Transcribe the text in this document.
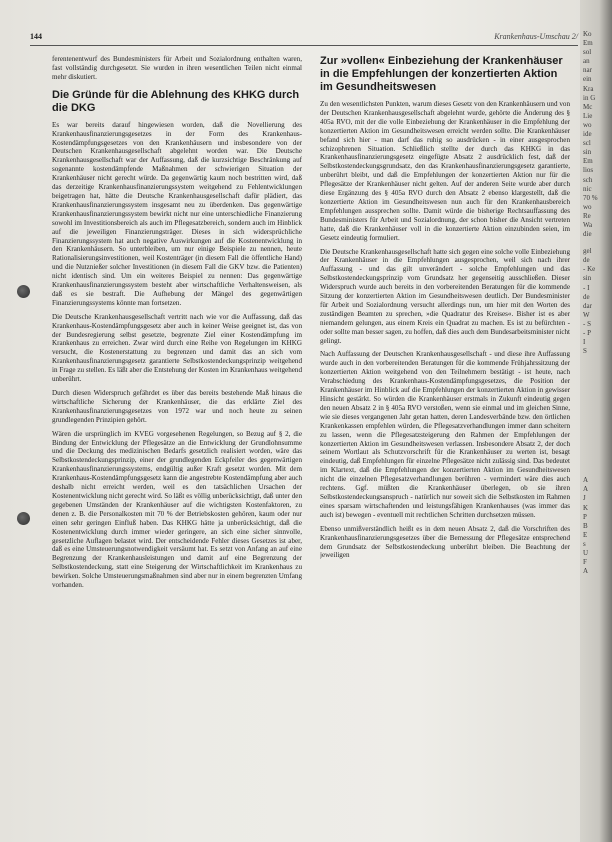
144	Krankenhaus-Umschau 2/

ferentenentwurf des Bundesministers für Arbeit und Sozialordnung enthalten waren, fast vollständig durchgesetzt. Sie wurden in ihren wesentlichen Teilen nicht einmal mehr diskutiert.

Die Gründe für die Ablehnung des KHKG durch die DKG

Es war bereits darauf hingewiesen worden, daß die Novellierung des Krankenhausfinanzierungsgesetzes in der Form des Krankenhaus-Kostendämpfungsgesetzes von den Krankenhäusern und insbesondere von der Deutschen Krankenhausgesellschaft abgelehnt worden war. Die Deutsche Krankenhausgesellschaft war der Auffassung, daß die kurzsichtige Beschränkung auf sogenannte kostendämpfende Maßnahmen der schwierigen Situation der Krankenhäuser nicht gerecht würde. Da gegenwärtig kaum noch bestritten wird, daß das derzeitige Krankenhausfinanzierungssystem weitgehend zu Fehlentwicklungen beigetragen hat, hätte die Deutsche Krankenhausgesellschaft dafür plädiert, das Krankenhausfinanzierungssystem insgesamt neu zu überdenken. Das gegenwärtige Krankenhausfinanzierungssystem bewirkt nicht nur eine unterschiedliche Finanzierung sowohl im Investitionsbereich als auch im Pflegesatzbereich, sondern auch im Hinblick auf die jeweiligen Finanzierungsträger. Dieses in sich widersprüchliche Finanzierungssystem hat auch negative Auswirkungen auf die Kostenentwicklung in den Krankenhäusern. So unterbleiben, um nur einige Beispiele zu nennen, heute Rationalisierungsinvestitionen, weil Kostenträger (in diesem Fall die öffentliche Hand) und die Nutznießer solcher Investitionen (in diesem Fall die GKV bzw. die Patienten) nicht identisch sind. Um ein weiteres Beispiel zu nennen: Das gegenwärtige Krankenhausfinanzierungssystem besteht aber wirtschaftliche Verhaltensweisen, als daß es sie bestraft. Die Aufhebung der Mängel des gegenwärtigen Finanzierungssystems könnte man fortsetzen.

Die Deutsche Krankenhausgesellschaft vertritt nach wie vor die Auffassung, daß das Krankenhaus-Kostendämpfungsgesetz aber auch in keiner Weise geeignet ist, das von der Bundesregierung selbst gesetzte, begrenzte Ziel einer Kostendämpfung im Krankenhaus zu erreichen. Zwar wird durch eine Reihe von Regelungen im KHKG versucht, die Kostenerstattung zu begrenzen und damit das an sich vom Krankenhausfinanzierungsgesetz garantierte Selbstkostendeckungsprinzip weitgehend in Frage zu stellen. Es läßt aber die Entstehung der Kosten im Krankenhaus weitgehend unberührt.

Durch diesen Widerspruch gefährdet es über das bereits bestehende Maß hinaus die wirtschaftliche Sicherung der Krankenhäuser, die das erklärte Ziel des Krankenhausfinanzierungsgesetzes von 1972 war und noch heute zu seinen grundlegenden Prinzipien gehört.

Wären die ursprünglich im KVEG vorgesehenen Regelungen, so Bezug auf § 2, die Bindung der Entwicklung der Pflegesätze an die Entwicklung der Grundlohnsumme und die Deckung des medizinischen Bedarfs gesetzlich realisiert worden, wäre das Selbstkostendeckungsprinzip, einer der grundlegenden Eckpfeiler des gegenwärtigen Krankenhausfinanzierungssystems, endgültig außer Kraft gesetzt worden. Mit dem Krankenhaus-Kostendämpfungsgesetz kann die angestrebte Kostendämpfung aber auch deshalb nicht erreicht werden, weil es den tatsächlichen Ursachen der Kostenentwicklung nicht gerecht wird. So läßt es völlig unberücksichtigt, daß unter den gegebenen Umständen der Krankenhäuser auf die wichtigsten Kostenfaktoren, zu denen z. B. die Personalkosten mit 70 % der Betriebskosten gehören, kaum oder nur einen sehr geringen Einfluß haben. Das KHKG hätte ja unberücksichtigt, daß die Kostenentwicklung durch immer wieder geringere, an sich eine sicher sinnvolle, gesetzliche Auflagen belastet wird. Der entscheidende Fehler dieses Gesetzes ist aber, daß es eine Umsteuerungsnotwendigkeit versäumt hat. Es setzt von Anfang an auf eine Begrenzung der Krankenhausleistungen und damit auf eine Begrenzung der Selbstkostendeckung, statt eine Steigerung der Wirtschaftlichkeit im Krankenhaus zu bewirken. Solche Umsteuerungsmaßnahmen sind aber nur in einem begrenzten Umfang vorhanden.

Zur »vollen« Einbeziehung der Krankenhäuser in die Empfehlungen der konzertierten Aktion im Gesundheitswesen

Zu den wesentlichsten Punkten, warum dieses Gesetz von den Krankenhäusern und von der Deutschen Krankenhausgesellschaft abgelehnt wurde, gehörte die Änderung des § 405a RVO, mit der die volle Einbeziehung der Krankenhäuser in die Empfehlung der konzertierten Aktion im Gesundheitswesen erreicht werden sollte. Die Krankenhäuser befand sich hier - man darf das ruhig so ausdrücken - in einer ausgesprochen schizophrenen Situation. Schließlich stellte der durch das KHKG in das Krankenhausfinanzierungsgesetz eingefügte Absatz 2 ausdrücklich fest, daß der Selbstkostendeckungsgrundsatz, den das Krankenhausfinanzierungsgesetz garantierte, unberührt bleibt, und daß die Empfehlungen der konzertierten Aktion nur für die Pflegesätze der Krankenhäuser nicht gelten. Auf der anderen Seite wurde aber durch diese Ergänzung des § 405a RVO durch den Absatz 2 ebenso klargestellt, daß die konzertierte Aktion im Gesundheitswesen nun auch für den Krankenhausbereich Empfehlungen aussprechen sollte. Damit würde die bisherige Rechtsauffassung des Bundesministers für Arbeit und Sozialordnung, der schon bisher die Ansicht vertreten hatte, daß die Krankenhäuser voll in die konzertierte Aktion einzubinden seien, im Gesetz eindeutig formuliert.

Die Deutsche Krankenhausgesellschaft hatte sich gegen eine solche volle Einbeziehung der Krankenhäuser in die Empfehlungen ausgesprochen, weil sich nach ihrer Auffassung - und das gilt unverändert - solche Empfehlungen und das Selbstkostendeckungsprinzip vom Grundsatz her gegenseitig ausschließen. Dieser Widerspruch wurde auch bereits in den vorbereitenden Beratungen für die kommende Sitzung der konzertierten Aktion im Gesundheitswesen deutlich. Der Bundesminister für Arbeit und Sozialordnung versucht allerdings nun, um hier mit den Worten des zuständigen Beamten zu sprechen, »die Quadratur des Kreises«. Bisher ist es aber niemandem gelungen, aus einem Kreis ein Quadrat zu machen. Es ist zu befürchten - oder sollte man besser sagen, zu hoffen, daß dies auch dem Bundesarbeitsminister nicht gelingt.

Nach Auffassung der Deutschen Krankenhausgesellschaft - und diese ihre Auffassung wurde auch in den vorbereitenden Beratungen für die kommende Frühjahrssitzung der konzertierten Aktion weitgehend von den Teilnehmern bestätigt - ist heute, nach Verabschiedung des Krankenhaus-Kostendämpfungsgesetzes, die Position der Krankenhäuser im Hinblick auf die Empfehlungen der konzertierten Aktion in gewisser Hinsicht gestärkt. So würden die Krankenhäuser erstmals in Zukunft eindeutig gegen den neuen Absatz 2 in § 405a RVO verstoßen, wenn sie einmal und im gleichen Sinne, wie sie dieses vergangenen Jahr getan hatten, deren Landesverbände bzw. den örtlichen Krankenkassen empfehlen würden, die Pflegesatzverhandlungen immer dann scheitern zu lassen, wenn die Pflegesatzsteigerung den Rahmen der Empfehlungen der konzertierten Aktion im Gesundheitswesen verlassen. Insbesondere Absatz 2, der doch seinem Wortlaut als Schutzvorschrift für die Krankenhäuser zu werten ist, besagt eindeutig, daß Empfehlungen für einzelne Pflegesätze nicht zulässig sind. Das bedeutet im Klartext, daß die Empfehlungen der konzertierten Aktion im Gesundheitswesen nicht die einzelnen Pflegesatzverhandlungen berühren - vermindert wäre dies auch rechtens. Ggf. müßten die Krankenhäuser überlegen, ob sie ihren Selbstkostendeckungsanspruch - natürlich nur soweit sich die Selbstkosten im Rahmen eines sparsam wirtschaftenden und leistungsfähigen Krankenhauses (was immer das auch ist) bewegen - eventuell mit rechtlichen Schritten durchsetzen müssen.

Ebenso unmißverständlich heißt es in dem neuen Absatz 2, daß die Vorschriften des Krankenhausfinanzierungsgesetzes über die Bemessung der Pflegesätze entsprechend dem Grundsatz der Selbstkostendeckung unberührt bleiben. Die Beachtung der jeweiligen

Ko
Em
sol
an
nar
ein
Kra
in G
Mc
Lie
wo
ide
scl
sin
Em
lios
sch
nic
70 %
wo
Re
Wa
die
gel
de
- Ke
sin
- I
de
dar
W
- S
- P
I
S
A
A
J
K
P
B
E
s
U
F
A
